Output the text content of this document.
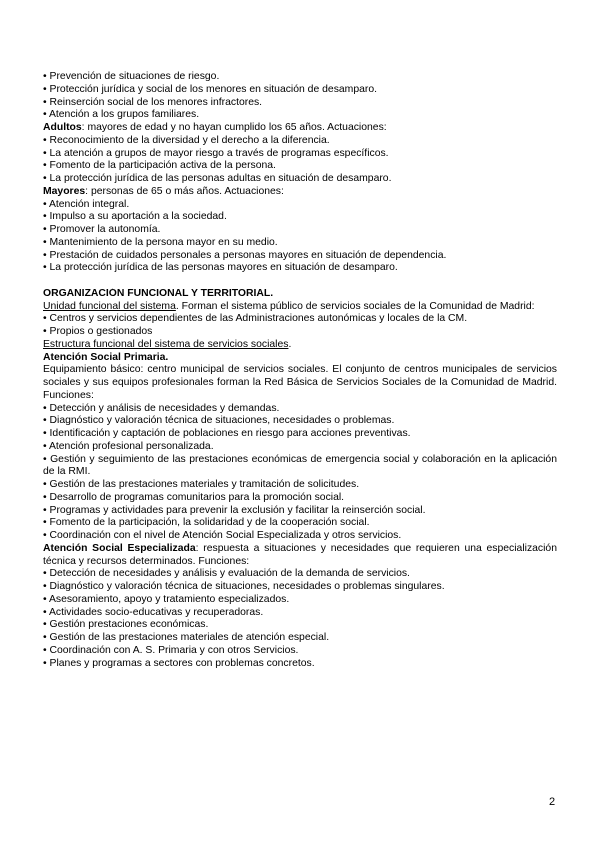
• Prevención de situaciones de riesgo.
• Protección jurídica y social de los menores en situación de desamparo.
• Reinserción social de los menores infractores.
• Atención a los grupos familiares.
Adultos: mayores de edad y no hayan cumplido los 65 años. Actuaciones:
• Reconocimiento de la diversidad y el derecho a la diferencia.
• La atención a grupos de mayor riesgo a través de programas específicos.
• Fomento de la participación activa de la persona.
• La protección jurídica de las personas adultas en situación de desamparo.
Mayores: personas de 65 o más años. Actuaciones:
• Atención integral.
• Impulso a su aportación a la sociedad.
• Promover la autonomía.
• Mantenimiento de la persona mayor en su medio.
• Prestación de cuidados personales a personas mayores en situación de dependencia.
• La protección jurídica de las personas mayores en situación de desamparo.
ORGANIZACIÓN FUNCIONAL Y TERRITORIAL.
Unidad funcional del sistema. Forman el sistema público de servicios sociales de la Comunidad de Madrid:
• Centros y servicios dependientes de las Administraciones autonómicas y locales de la CM.
• Propios o gestionados
Estructura funcional del sistema de servicios sociales.
Atención Social Primaria.
Equipamiento básico: centro municipal de servicios sociales. El conjunto de centros municipales de servicios sociales y sus equipos profesionales forman la Red Básica de Servicios Sociales de la Comunidad de Madrid. Funciones:
• Detección y análisis de necesidades y demandas.
• Diagnóstico y valoración técnica de situaciones, necesidades o problemas.
• Identificación y captación de poblaciones en riesgo para acciones preventivas.
• Atención profesional personalizada.
• Gestión y seguimiento de las prestaciones económicas de emergencia social y colaboración en la aplicación de la RMI.
• Gestión de las prestaciones materiales y tramitación de solicitudes.
• Desarrollo de programas comunitarios para la promoción social.
• Programas y actividades para prevenir la exclusión y facilitar la reinserción social.
• Fomento de la participación, la solidaridad y de la cooperación social.
• Coordinación con el nivel de Atención Social Especializada y otros servicios.
Atención Social Especializada: respuesta a situaciones y necesidades que requieren una especialización técnica y recursos determinados. Funciones:
• Detección de necesidades y análisis y evaluación de la demanda de servicios.
• Diagnóstico y valoración técnica de situaciones, necesidades o problemas singulares.
• Asesoramiento, apoyo y tratamiento especializados.
• Actividades socio-educativas y recuperadoras.
• Gestión prestaciones económicas.
• Gestión de las prestaciones materiales de atención especial.
• Coordinación con A. S. Primaria y con otros Servicios.
• Planes y programas a sectores con problemas concretos.
2
